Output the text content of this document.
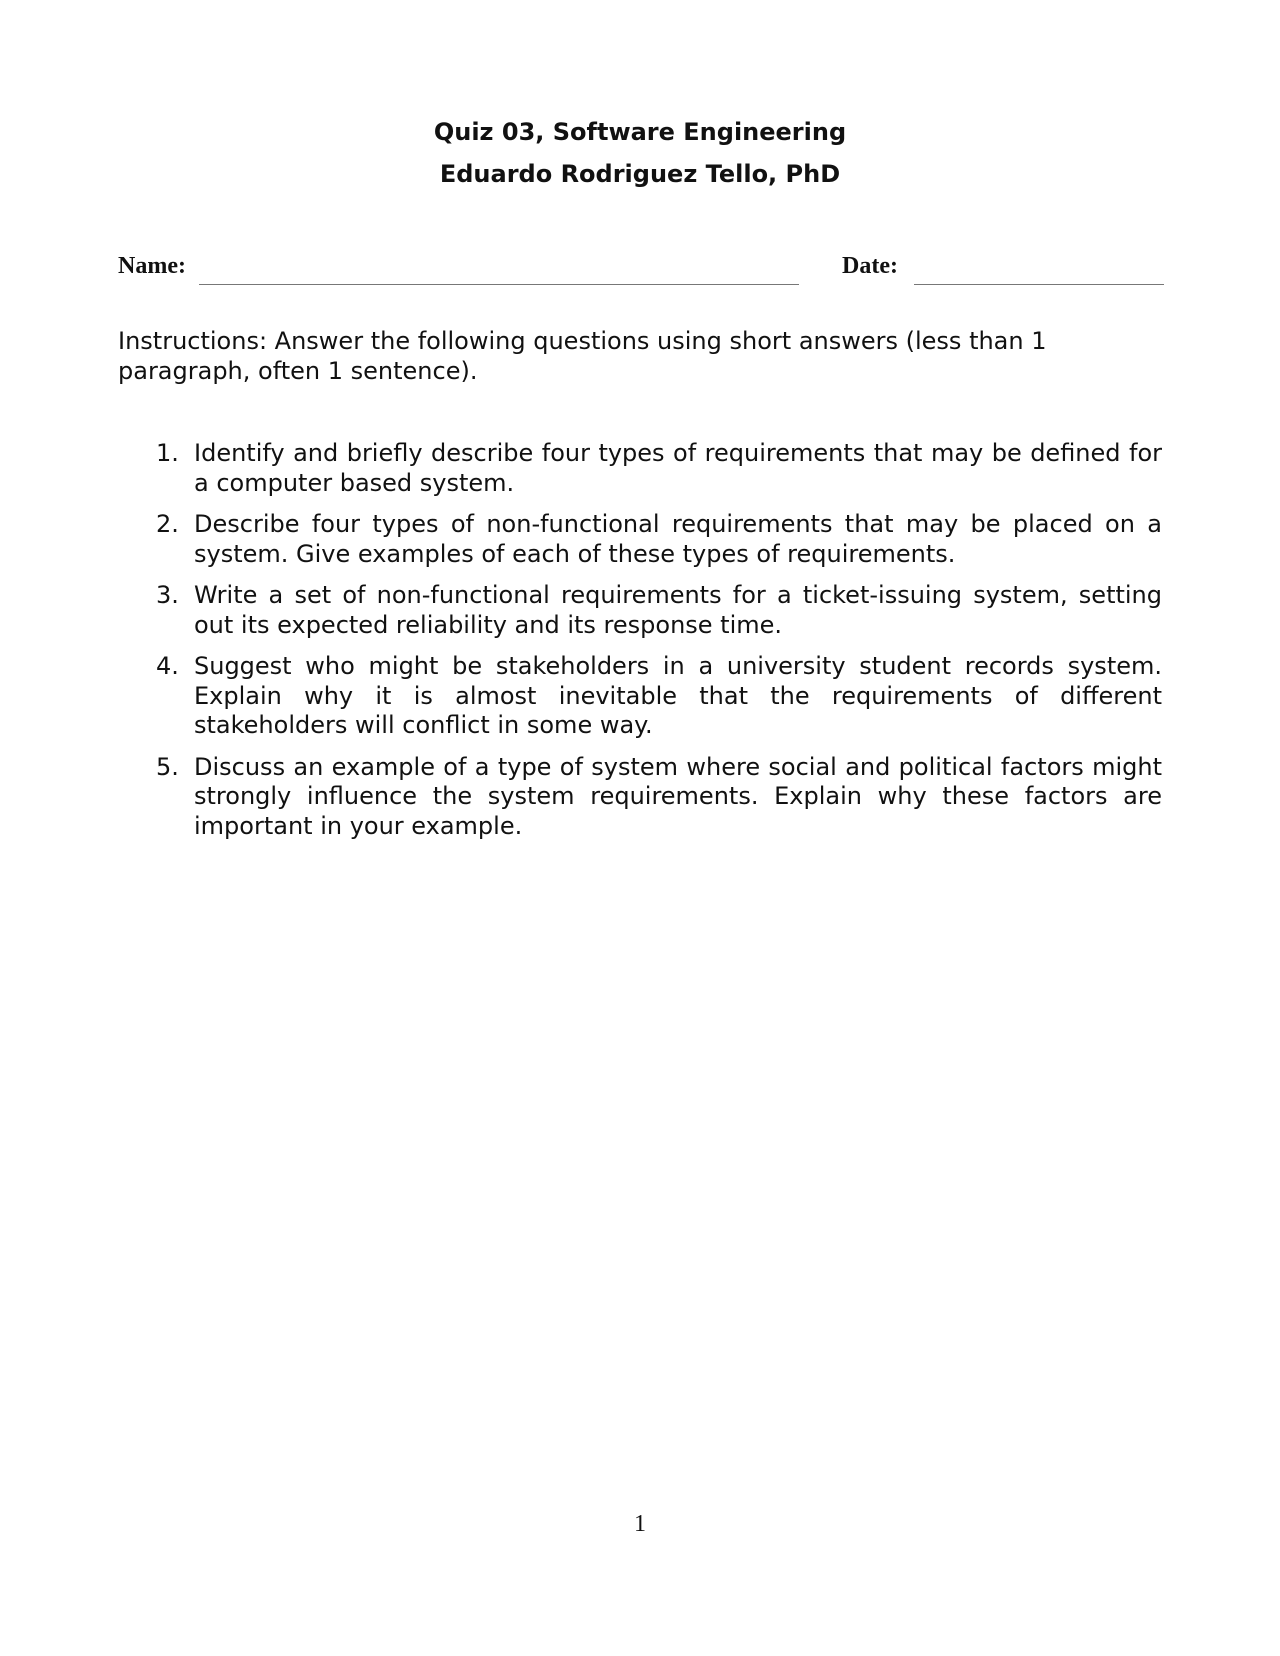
Quiz 03, Software Engineering
Eduardo Rodriguez Tello, PhD
Name:	Date:

Instructions: Answer the following questions using short answers (less than 1 paragraph, often 1 sentence).

1. Identify and briefly describe four types of requirements that may be defined for a computer based system.
2. Describe four types of non-functional requirements that may be placed on a system. Give examples of each of these types of requirements.
3. Write a set of non-functional requirements for a ticket-issuing system, setting out its expected reliability and its response time.
4. Suggest who might be stakeholders in a university student records system. Explain why it is almost inevitable that the requirements of different stakeholders will conflict in some way.
5. Discuss an example of a type of system where social and political factors might strongly influence the system requirements. Explain why these factors are important in your example.
1
